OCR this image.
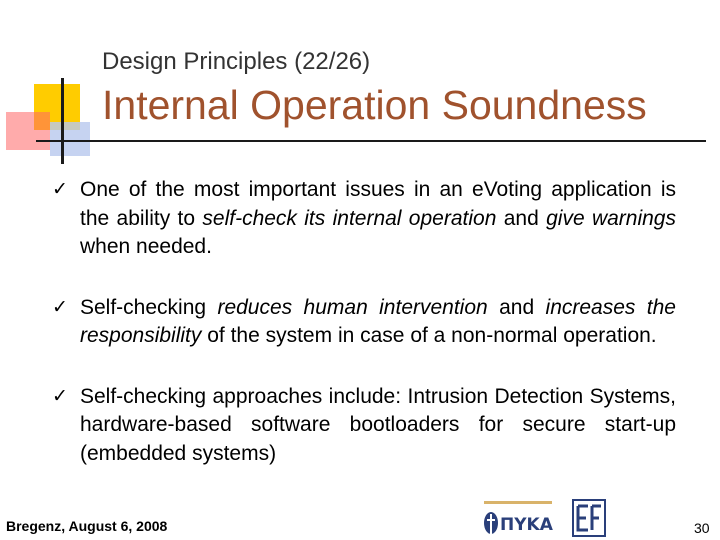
Design Principles (22/26)
Internal Operation Soundness
✓ One of the most important issues in an eVoting application is the ability to self-check its internal operation and give warnings when needed.
✓ Self-checking reduces human intervention and increases the responsibility of the system in case of a non-normal operation.
✓ Self-checking approaches include: Intrusion Detection Systems, hardware-based software bootloaders for secure start-up (embedded systems)
Bregenz, August 6, 2008	ΠΥΚΑ	30
